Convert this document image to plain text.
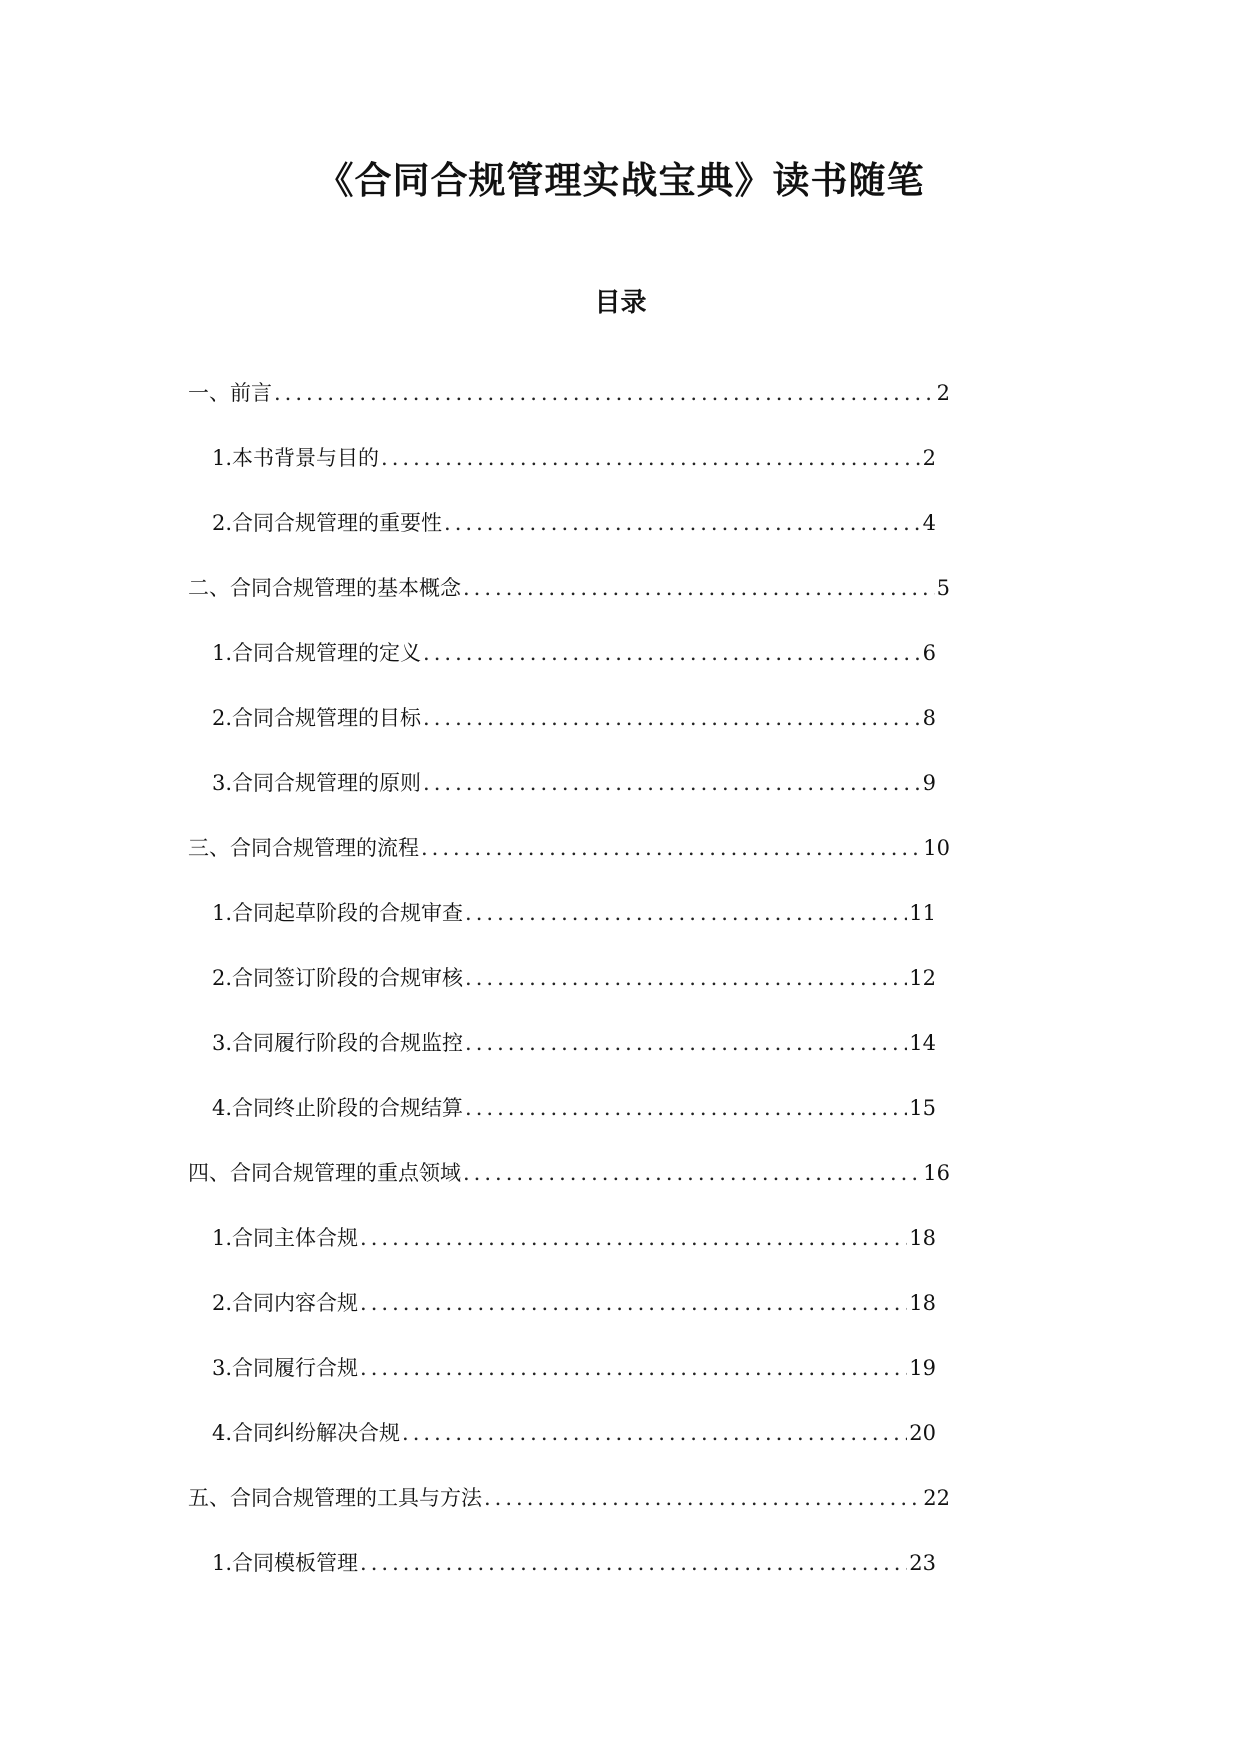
《合同合规管理实战宝典》读书随笔
目录
一、前言 .....	2
1. 本书背景与目的 .....	2
2. 合同合规管理的重要性 .....	4
二、合同合规管理的基本概念 .....	5
1. 合同合规管理的定义 .....	6
2. 合同合规管理的目标 .....	8
3. 合同合规管理的原则 .....	9
三、合同合规管理的流程 .....	10
1. 合同起草阶段的合规审查 .....	11
2. 合同签订阶段的合规审核 .....	12
3. 合同履行阶段的合规监控 .....	14
4. 合同终止阶段的合规结算 .....	15
四、合同合规管理的重点领域 .....	16
1. 合同主体合规 .....	18
2. 合同内容合规 .....	18
3. 合同履行合规 .....	19
4. 合同纠纷解决合规 .....	20
五、合同合规管理的工具与方法 .....	22
1. 合同模板管理 .....	23
